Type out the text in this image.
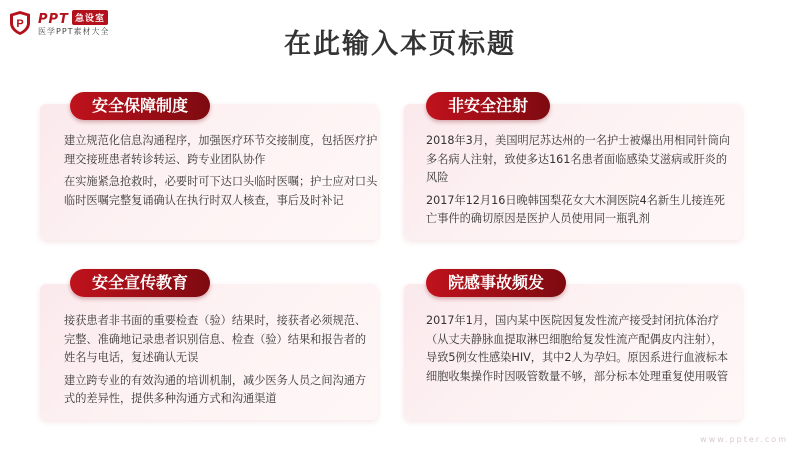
P PPT 急设室
医学PPT素材大全	在此输入本页标题
安全保障制度

建立规范化信息沟通程序，加强医疗环节交接制度，包括医疗护理交接班患者转诊转运、跨专业团队协作

在实施紧急抢救时，必要时可下达口头临时医嘱；护士应对口头临时医嘱完整复诵确认在执行时双人核查，事后及时补记

非安全注射

2018年3月，美国明尼苏达州的一名护士被爆出用相同针筒向多名病人注射，致使多达161名患者面临感染艾滋病或肝炎的风险

2017年12月16日晚韩国梨花女大木洞医院4名新生儿接连死亡事件的确切原因是医护人员使用同一瓶乳剂

安全宣传教育

接获患者非书面的重要检查（验）结果时，接获者必须规范、完整、准确地记录患者识别信息、检查（验）结果和报告者的姓名与电话，复述确认无误

建立跨专业的有效沟通的培训机制，减少医务人员之间沟通方式的差异性，提供多种沟通方式和沟通渠道

院感事故频发

2017年1月，国内某中医院因复发性流产接受封闭抗体治疗（从丈夫静脉血提取淋巴细胞给复发性流产配偶皮内注射），导致5例女性感染HIV，其中2人为孕妇。原因系进行血液标本细胞收集操作时因吸管数量不够，部分标本处理重复使用吸管

www.ppter.com
